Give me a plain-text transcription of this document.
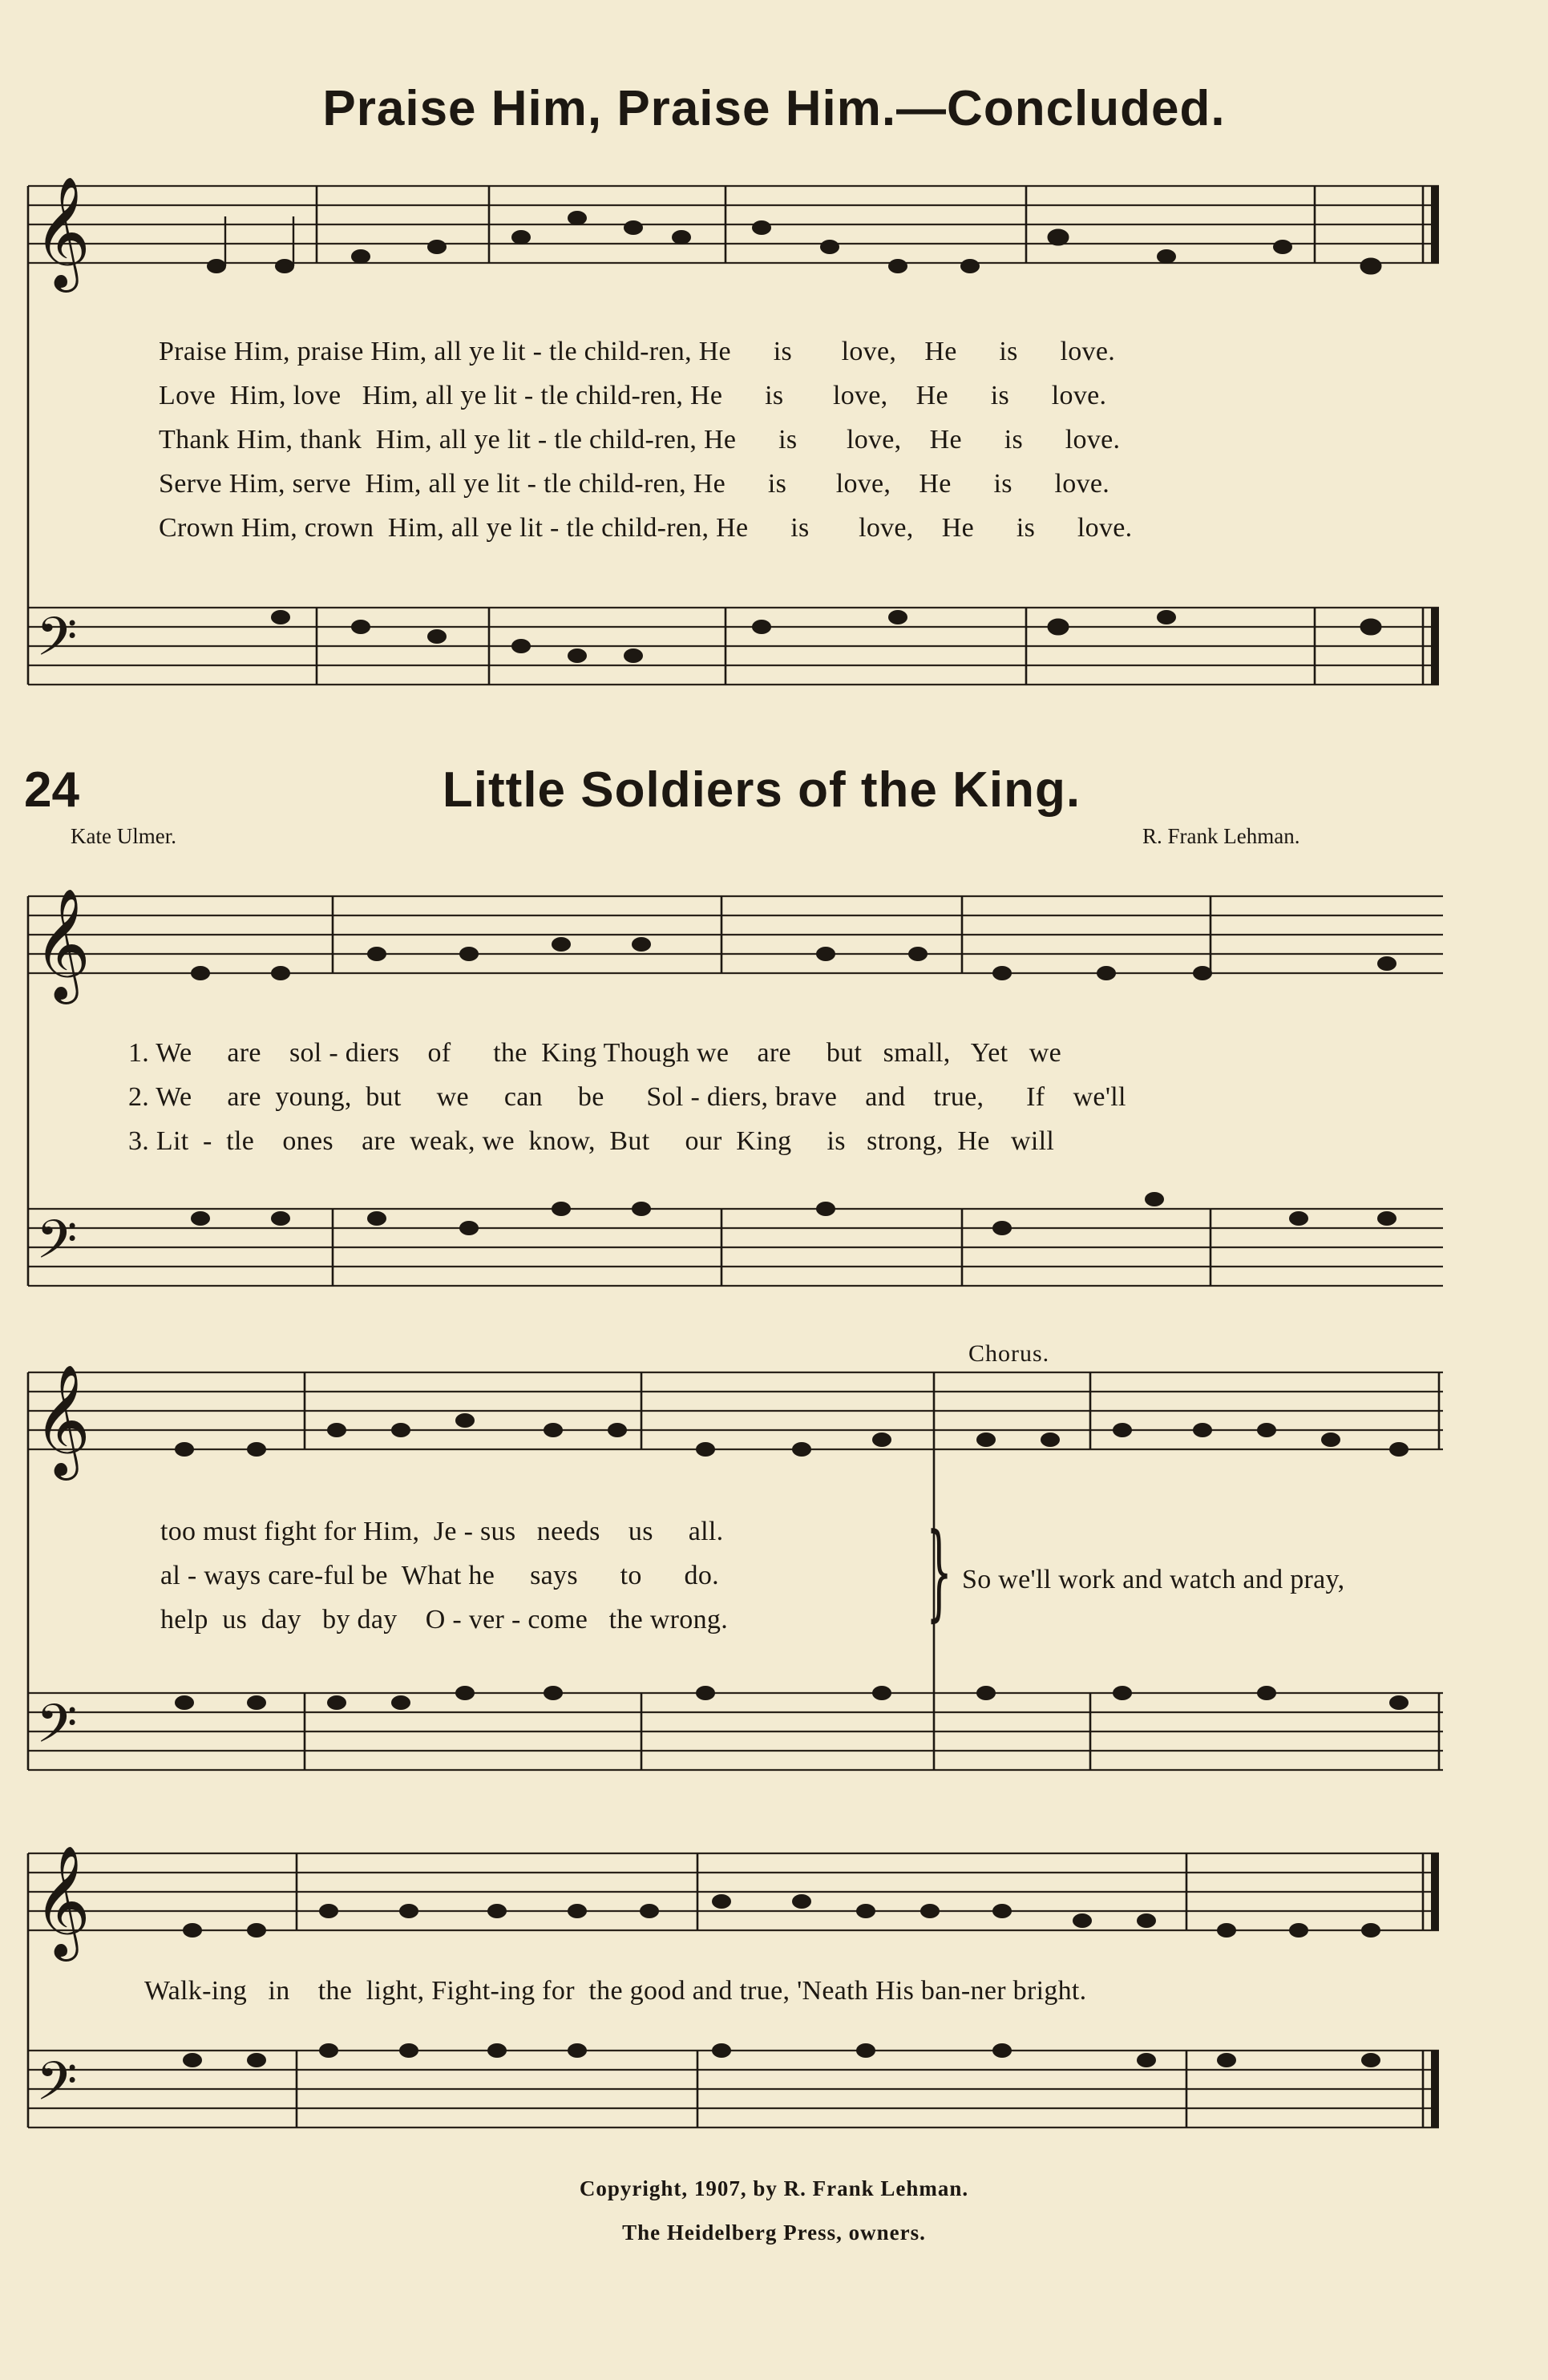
Praise Him, Praise Him.—Concluded.
24	Little Soldiers of the King.
Kate Ulmer.	R. Frank Lehman.
𝄞
𝄢
𝄞
𝄢
𝄞
𝄢
𝄞
𝄢
Praise Him, praise Him, all ye lit - tle child-ren, He      is       love,    He      is      love.
Love  Him, love   Him, all ye lit - tle child-ren, He      is       love,    He      is      love.
Thank Him, thank  Him, all ye lit - tle child-ren, He      is       love,    He      is      love.
Serve Him, serve  Him, all ye lit - tle child-ren, He      is       love,    He      is      love.
Crown Him, crown  Him, all ye lit - tle child-ren, He      is       love,    He      is      love.
1. We     are    sol - diers    of      the  King Though we    are     but   small,   Yet   we
2. We     are  young,  but     we     can     be      Sol - diers, brave    and    true,      If    we'll
3. Lit  -  tle    ones    are  weak, we  know,  But     our  King     is   strong,  He   will
Chorus.
too must fight for Him,  Je - sus   needs    us     all.
al - ways care-ful be  What he     says      to      do.
help  us  day   by day    O - ver - come   the wrong. } So we'll work and watch and pray,
Walk-ing   in    the  light, Fight-ing for  the good and true, 'Neath His ban-ner bright.
Copyright, 1907, by R. Frank Lehman.
The Heidelberg Press, owners.
